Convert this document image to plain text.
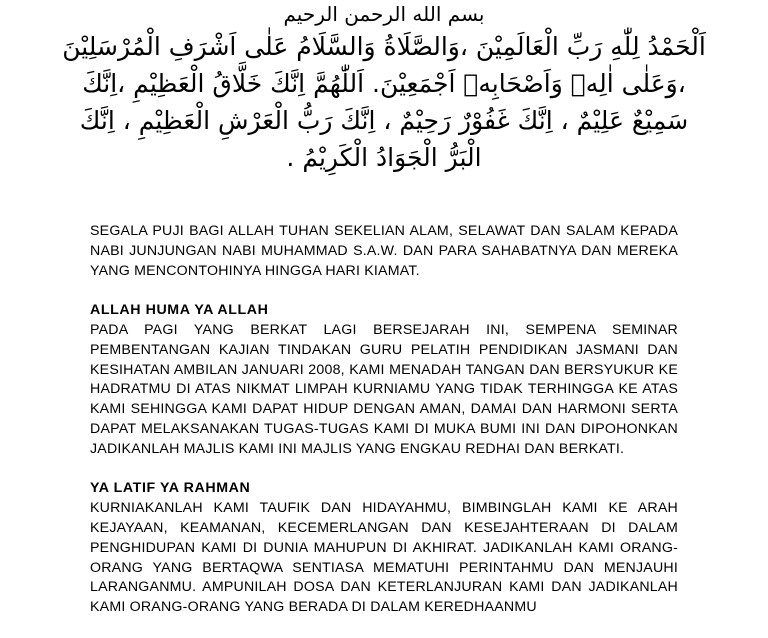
بسم الله الرحمن الرحيم

اَلْحَمْدُ لِلّٰهِ رَبِّ الْعَالَمِيْنَ ،وَالصَّلَاةُ وَالسَّلَامُ عَلٰى اَشْرَفِ الْمُرْسَلِيْنَ

،وَعَلٰى اٰلِهٖ وَاَصْحَابِهٖ اَجْمَعِيْنَ. اَللّٰهُمَّ اِنَّكَ خَلَّاقُ الْعَظِيْمِ ،اِنَّكَ

سَمِيْعٌ عَلِيْمٌ ، اِنَّكَ غَفُوْرٌ رَحِيْمٌ ، اِنَّكَ رَبُّ الْعَرْشِ الْعَظِيْمِ ، اِنَّكَ

الْبَرُّ الْجَوَادُ الْكَرِيْمُ .

SEGALA PUJI BAGI ALLAH TUHAN SEKELIAN ALAM, SELAWAT DAN SALAM KEPADA NABI JUNJUNGAN NABI MUHAMMAD S.A.W. DAN PARA SAHABATNYA DAN MEREKA YANG MENCONTOHINYA HINGGA HARI KIAMAT.

ALLAH HUMA YA ALLAH

PADA PAGI YANG BERKAT LAGI BERSEJARAH INI, SEMPENA SEMINAR PEMBENTANGAN KAJIAN TINDAKAN GURU PELATIH PENDIDIKAN JASMANI DAN KESIHATAN AMBILAN JANUARI 2008, KAMI MENADAH TANGAN DAN BERSYUKUR KE HADRATMU DI ATAS NIKMAT LIMPAH KURNIAMU YANG TIDAK TERHINGGA KE ATAS KAMI SEHINGGA KAMI DAPAT HIDUP DENGAN AMAN, DAMAI DAN HARMONI SERTA DAPAT MELAKSANAKAN TUGAS-TUGAS KAMI DI MUKA BUMI INI DAN DIPOHONKAN JADIKANLAH MAJLIS KAMI INI MAJLIS YANG ENGKAU REDHAI DAN BERKATI.

YA LATIF YA RAHMAN

KURNIAKANLAH KAMI TAUFIK DAN HIDAYAHMU, BIMBINGLAH KAMI KE ARAH KEJAYAAN, KEAMANAN, KECEMERLANGAN DAN KESEJAHTERAAN DI DALAM PENGHIDUPAN KAMI DI DUNIA MAHUPUN DI AKHIRAT. JADIKANLAH KAMI ORANG-ORANG YANG BERTAQWA SENTIASA MEMATUHI PERINTAHMU DAN MENJAUHI LARANGANMU. AMPUNILAH DOSA DAN KETERLANJURAN KAMI DAN JADIKANLAH KAMI ORANG-ORANG YANG BERADA DI DALAM KEREDHAANMU
